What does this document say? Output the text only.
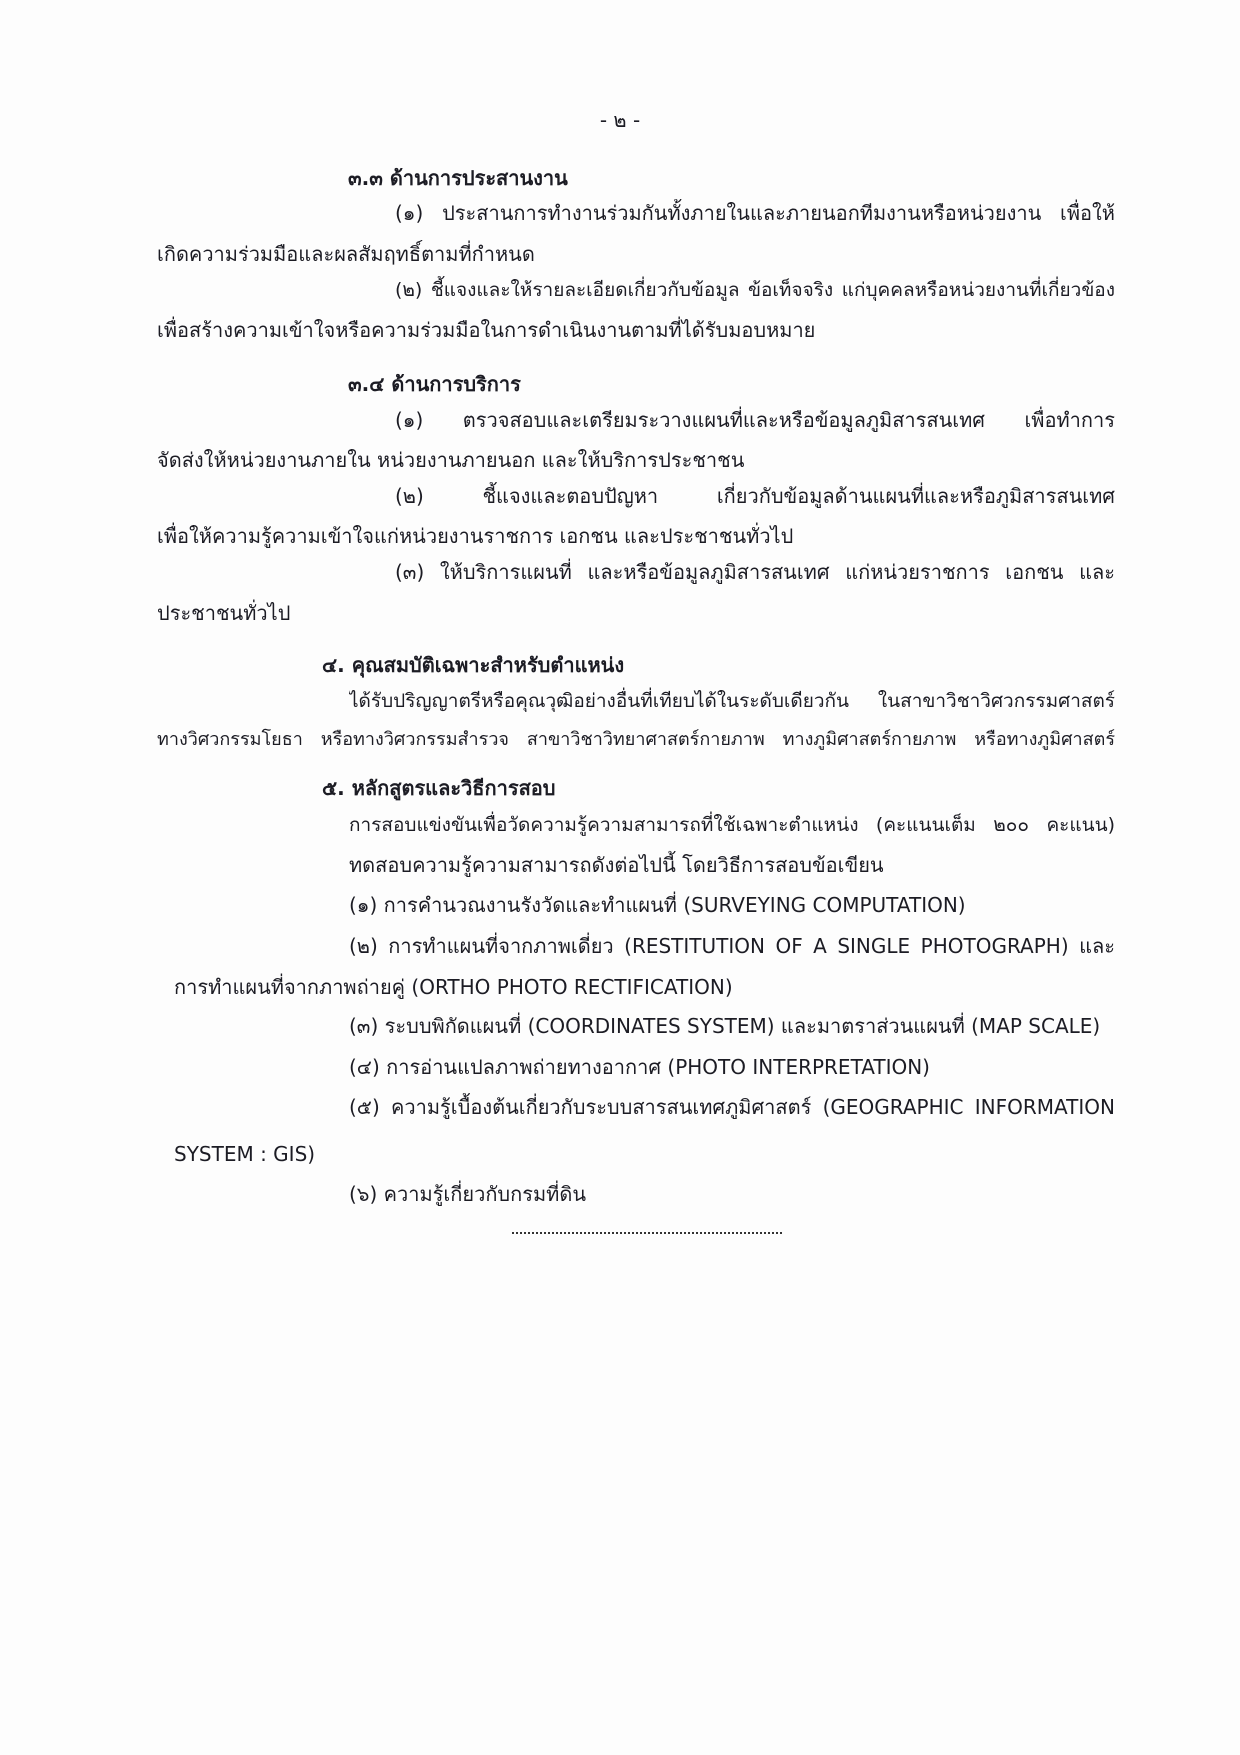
- ๒ -
๓.๓ ด้านการประสานงาน
(๑) ประสานการทำงานร่วมกันทั้งภายในและภายนอกทีมงานหรือหน่วยงาน เพื่อให้
เกิดความร่วมมือและผลสัมฤทธิ์ตามที่กำหนด
(๒) ชี้แจงและให้รายละเอียดเกี่ยวกับข้อมูล ข้อเท็จจริง แก่บุคคลหรือหน่วยงานที่เกี่ยวข้อง
เพื่อสร้างความเข้าใจหรือความร่วมมือในการดำเนินงานตามที่ได้รับมอบหมาย
๓.๔ ด้านการบริการ
(๑) ตรวจสอบและเตรียมระวางแผนที่และหรือข้อมูลภูมิสารสนเทศ เพื่อทำการ
จัดส่งให้หน่วยงานภายใน หน่วยงานภายนอก และให้บริการประชาชน
(๒) ชี้แจงและตอบปัญหา เกี่ยวกับข้อมูลด้านแผนที่และหรือภูมิสารสนเทศ
เพื่อให้ความรู้ความเข้าใจแก่หน่วยงานราชการ เอกชน และประชาชนทั่วไป
(๓) ให้บริการแผนที่ และหรือข้อมูลภูมิสารสนเทศ แก่หน่วยราชการ เอกชน และ
ประชาชนทั่วไป
๔. คุณสมบัติเฉพาะสำหรับตำแหน่ง
ได้รับปริญญาตรีหรือคุณวุฒิอย่างอื่นที่เทียบได้ในระดับเดียวกัน ในสาขาวิชาวิศวกรรมศาสตร์
ทางวิศวกรรมโยธา หรือทางวิศวกรรมสำรวจ สาขาวิชาวิทยาศาสตร์กายภาพ ทางภูมิศาสตร์กายภาพ หรือทางภูมิศาสตร์
๕. หลักสูตรและวิธีการสอบ
การสอบแข่งขันเพื่อวัดความรู้ความสามารถที่ใช้เฉพาะตำแหน่ง (คะแนนเต็ม ๒๐๐ คะแนน)
ทดสอบความรู้ความสามารถดังต่อไปนี้ โดยวิธีการสอบข้อเขียน
(๑) การคำนวณงานรังวัดและทำแผนที่ (SURVEYING COMPUTATION)
(๒) การทำแผนที่จากภาพเดี่ยว (RESTITUTION OF A SINGLE PHOTOGRAPH) และ
การทำแผนที่จากภาพถ่ายคู่ (ORTHO PHOTO RECTIFICATION)
(๓) ระบบพิกัดแผนที่ (COORDINATES SYSTEM) และมาตราส่วนแผนที่ (MAP SCALE)
(๔) การอ่านแปลภาพถ่ายทางอากาศ (PHOTO INTERPRETATION)
(๕) ความรู้เบื้องต้นเกี่ยวกับระบบสารสนเทศภูมิศาสตร์ (GEOGRAPHIC INFORMATION
SYSTEM : GIS)
(๖) ความรู้เกี่ยวกับกรมที่ดิน
